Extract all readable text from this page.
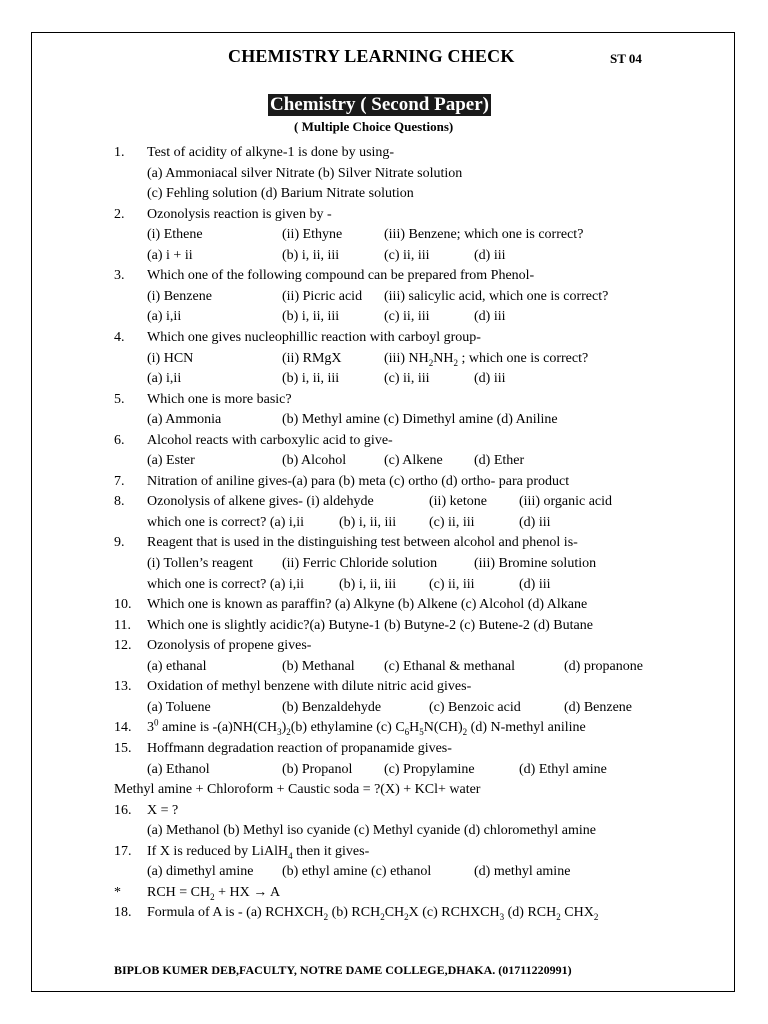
CHEMISTRY LEARNING CHECK	ST 04
Chemistry ( Second Paper)
( Multiple Choice Questions)
1. Test of acidity of alkyne-1 is done by using-
(a) Ammoniacal silver Nitrate (b) Silver Nitrate solution
(c) Fehling solution (d) Barium Nitrate solution
2. Ozonolysis reaction is given by -
(i) Ethene	(ii) Ethyne	(iii) Benzene; which one is correct?
(a) i + ii	(b) i, ii, iii	(c) ii, iii	(d) iii
3. Which one of the following compound can be prepared from Phenol-
(i) Benzene	(ii) Picric acid (iii) salicylic acid, which one is correct?
(a) i,ii	(b) i, ii, iii	(c) ii, iii	(d) iii
4. Which one gives nucleophillic reaction with carboyl group-
(i) HCN	(ii) RMgX	(iii) $NH_2NH_2$ ; which one is correct?
(a) i,ii	(b) i, ii, iii	(c) ii, iii	(d) iii
5. Which one is more basic?
(a) Ammonia	(b) Methyl amine (c) Dimethyl amine (d) Aniline
6. Alcohol reacts with carboxylic acid to give-
(a) Ester	(b) Alcohol	(c) Alkene (d) Ether
7. Nitration of aniline gives-(a) para (b) meta (c) ortho (d) ortho- para product
8. Ozonolysis of alkene gives- (i) aldehyde	(ii) ketone (iii) organic acid
which one is correct? (a) i,ii (b) i, ii, iii (c) ii, iii	(d) iii
9. Reagent that is used in the distinguishing test between alcohol and phenol is-
(i) Tollen’s reagent (ii) Ferric Chloride solution	(iii) Bromine solution
which one is correct? (a) i,ii (b) i, ii, iii (c) ii, iii	(d) iii
10. Which one is known as paraffin? (a) Alkyne (b) Alkene (c) Alcohol (d) Alkane
11. Which one is slightly acidic?(a) Butyne-1 (b) Butyne-2 (c) Butene-2 (d) Butane
12. Ozonolysis of propene gives-
(a) ethanal	(b) Methanal (c) Ethanal & methanal	(d) propanone
13. Oxidation of methyl benzene with dilute nitric acid gives-
(a) Toluene	(b) Benzaldehyde	(c) Benzoic acid	(d) Benzene
14. $3^0$ amine is $-(a)NH(CH_3)_2(b)$ ethylamine (c) $C_6H_5N(CH)_2$ (d) N-methyl aniline
15. Hoffmann degradation reaction of propanamide gives-
(a) Ethanol	(b) Propanol (c) Propylamine	(d) Ethyl amine
Methyl amine + Chloroform + Caustic soda = ?(X) + KCl+ water
16. X = ?
(a) Methanol (b) Methyl iso cyanide (c) Methyl cyanide (d) chloromethyl amine
17. If X is reduced by LiAlH$_4$ then it gives-
(a) dimethyl amine (b) ethyl amine (c) ethanol	(d) methyl amine
* RCH = $CH_2$ + HX → A
18. Formula of A is - (a) $RCHXCH_2$ (b) $RCH_2CH_2X$ (c) $RCHXCH_3$ (d) $RCH_2$ $CHX_2$
BIPLOB KUMER DEB,FACULTY, NOTRE DAME COLLEGE,DHAKA. (01711220991)
